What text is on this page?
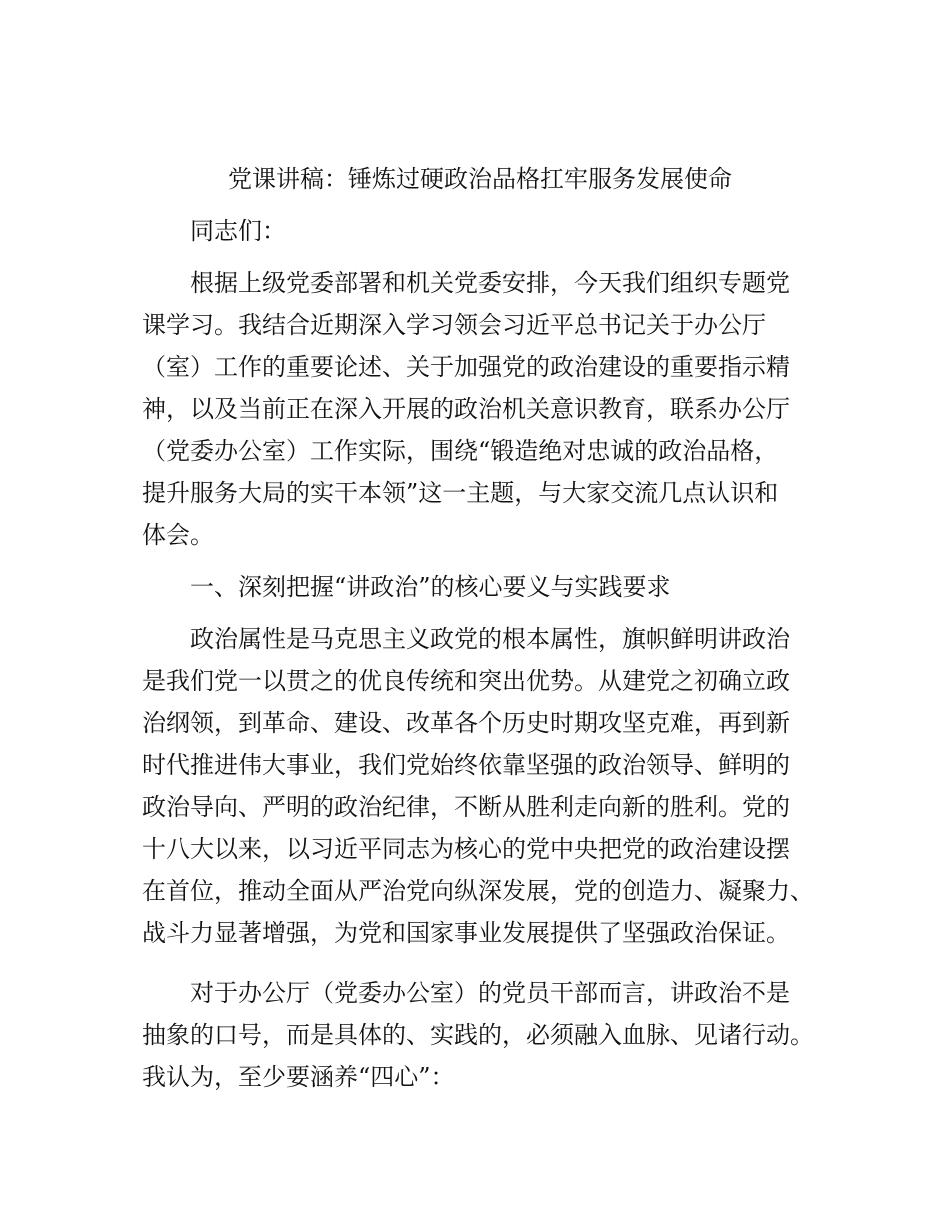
党课讲稿：锤炼过硬政治品格扛牢服务发展使命
同志们：
根据上级党委部署和机关党委安排，今天我们组织专题党
课学习。我结合近期深入学习领会习近平总书记关于办公厅
（室）工作的重要论述、关于加强党的政治建设的重要指示精
神，以及当前正在深入开展的政治机关意识教育，联系办公厅
（党委办公室）工作实际，围绕“锻造绝对忠诚的政治品格，
提升服务大局的实干本领”这一主题，与大家交流几点认识和
体会。
一、深刻把握“讲政治”的核心要义与实践要求
政治属性是马克思主义政党的根本属性，旗帜鲜明讲政治
是我们党一以贯之的优良传统和突出优势。从建党之初确立政
治纲领，到革命、建设、改革各个历史时期攻坚克难，再到新
时代推进伟大事业，我们党始终依靠坚强的政治领导、鲜明的
政治导向、严明的政治纪律，不断从胜利走向新的胜利。党的
十八大以来，以习近平同志为核心的党中央把党的政治建设摆
在首位，推动全面从严治党向纵深发展，党的创造力、凝聚力、
战斗力显著增强，为党和国家事业发展提供了坚强政治保证。
对于办公厅（党委办公室）的党员干部而言，讲政治不是
抽象的口号，而是具体的、实践的，必须融入血脉、见诸行动。
我认为，至少要涵养“四心”：
